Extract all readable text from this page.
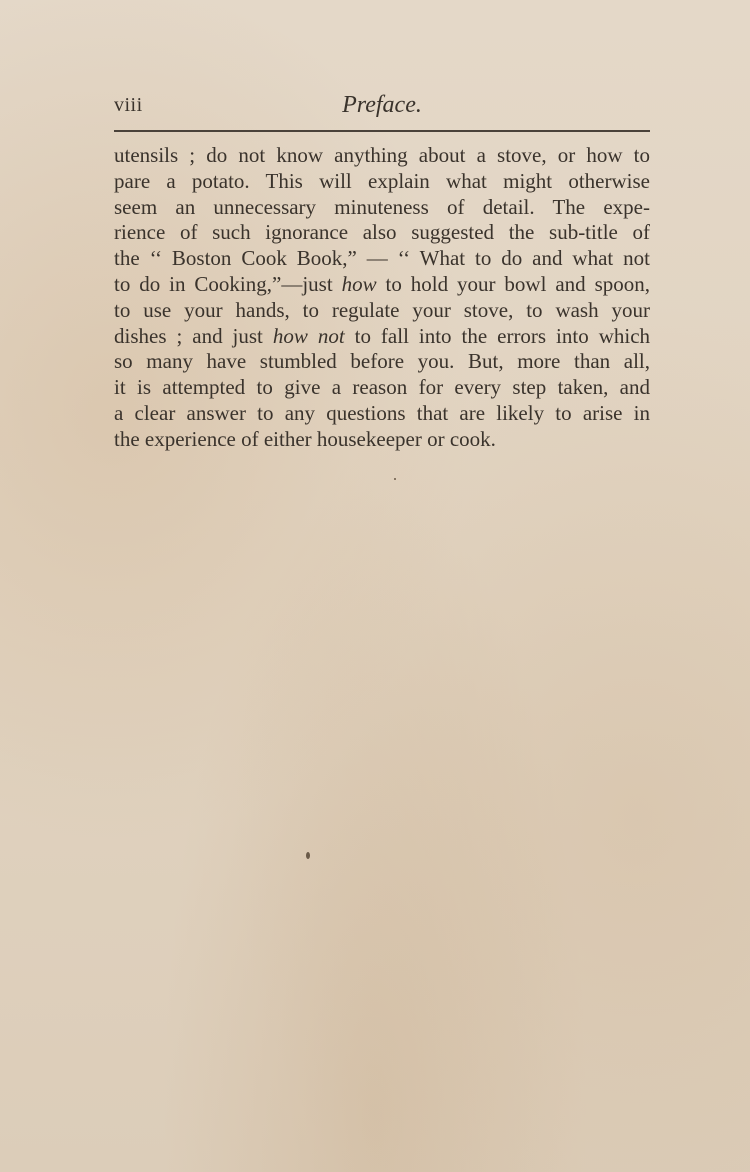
viii	Preface.
utensils ; do not know anything about a stove, or how to
pare a potato. This will explain what might otherwise
seem an unnecessary minuteness of detail. The expe-
rience of such ignorance also suggested the sub-title of
the ‘‘ Boston Cook Book,” — ‘‘ What to do and what not
to do in Cooking,”—just how to hold your bowl and spoon,
to use your hands, to regulate your stove, to wash your
dishes ; and just how not to fall into the errors into which
so many have stumbled before you. But, more than all,
it is attempted to give a reason for every step taken, and
a clear answer to any questions that are likely to arise in
the experience of either housekeeper or cook.
